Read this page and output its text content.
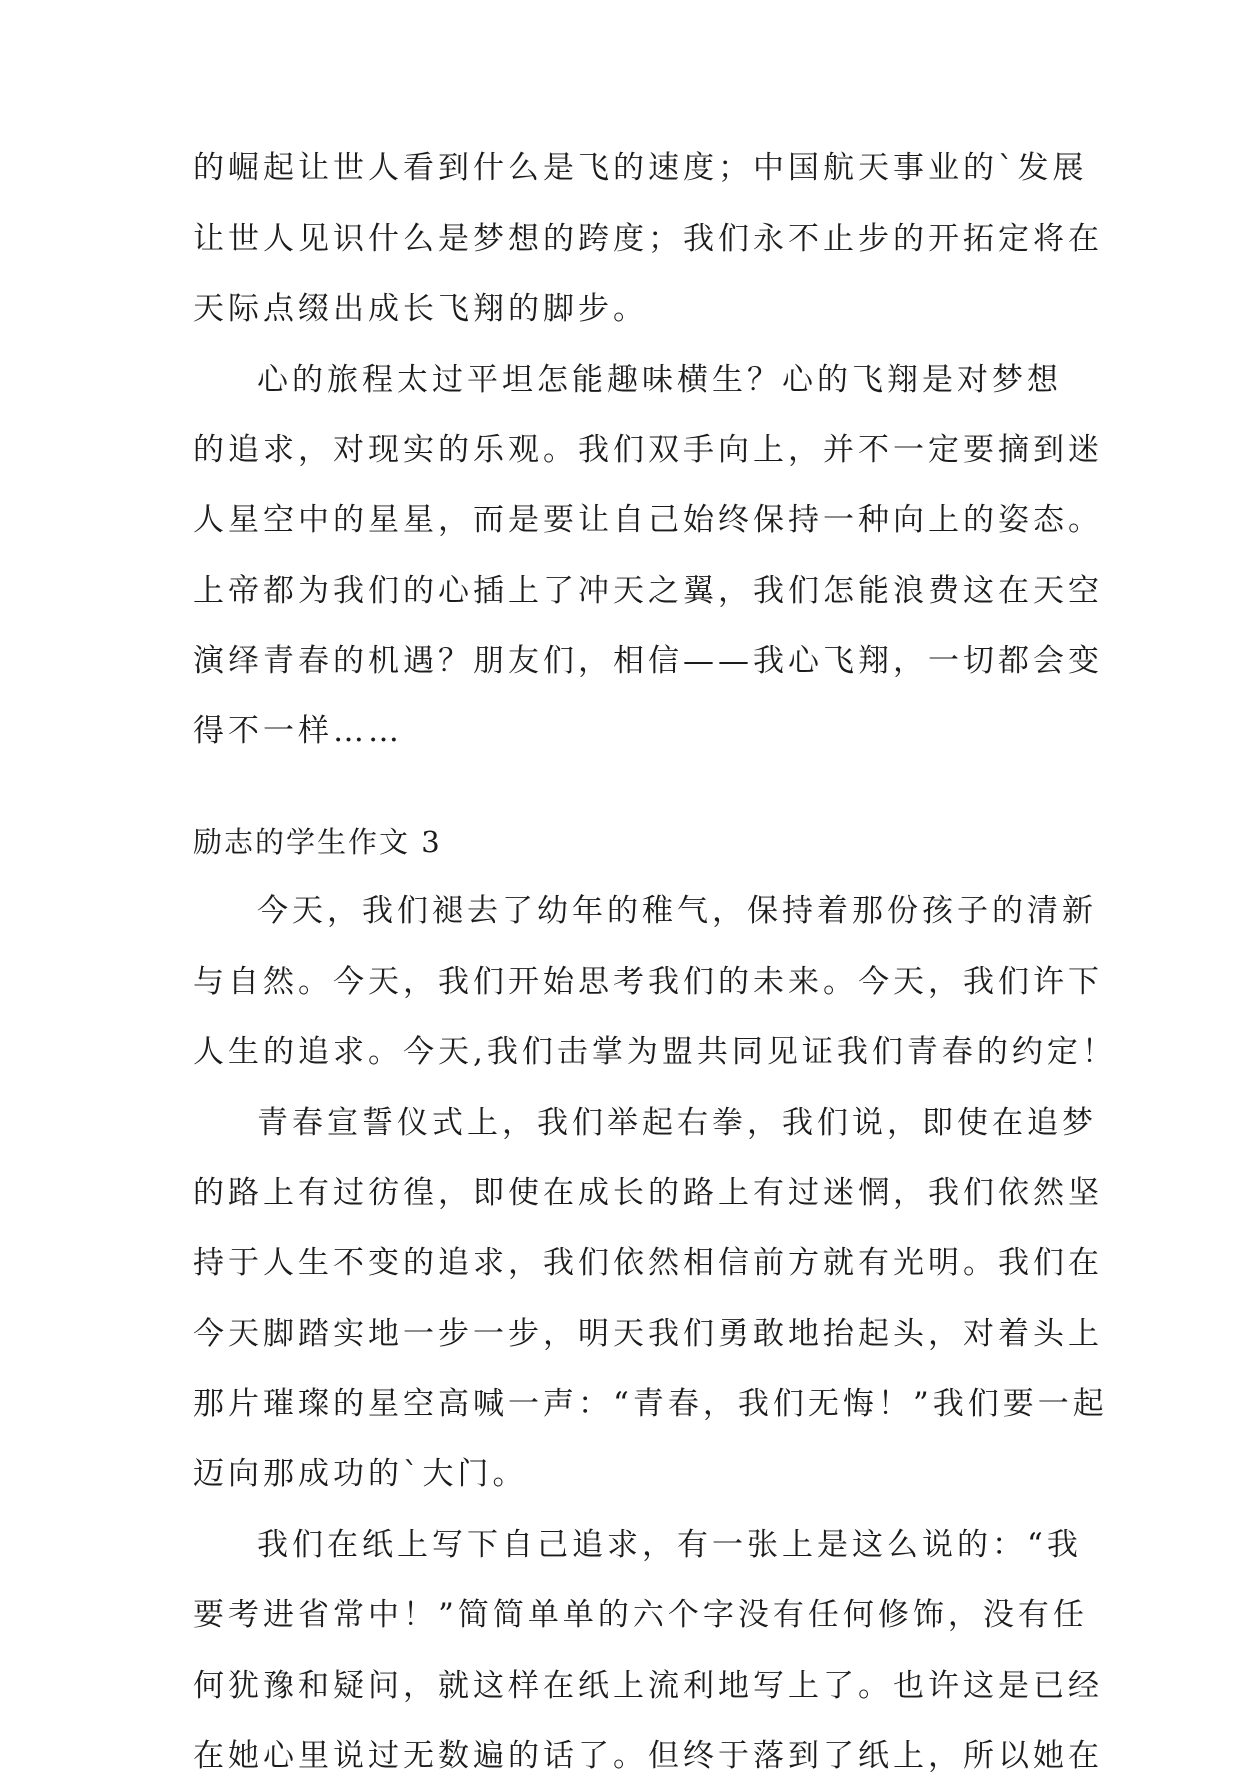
的崛起让世人看到什么是飞的速度；中国航天事业的`发展
让世人见识什么是梦想的跨度；我们永不止步的开拓定将在
天际点缀出成长飞翔的脚步。
心的旅程太过平坦怎能趣味横生？心的飞翔是对梦想
的追求，对现实的乐观。我们双手向上，并不一定要摘到迷
人星空中的星星，而是要让自己始终保持一种向上的姿态。
上帝都为我们的心插上了冲天之翼，我们怎能浪费这在天空
演绎青春的机遇？朋友们，相信——我心飞翔，一切都会变
得不一样……
励志的学生作文 3
今天，我们褪去了幼年的稚气，保持着那份孩子的清新
与自然。今天，我们开始思考我们的未来。今天，我们许下
人生的追求。今天,我们击掌为盟共同见证我们青春的约定！
青春宣誓仪式上，我们举起右拳，我们说，即使在追梦
的路上有过彷徨，即使在成长的路上有过迷惘，我们依然坚
持于人生不变的追求，我们依然相信前方就有光明。我们在
今天脚踏实地一步一步，明天我们勇敢地抬起头，对着头上
那片璀璨的星空高喊一声：“青春，我们无悔！”我们要一起
迈向那成功的`大门。
我们在纸上写下自己追求，有一张上是这么说的：“我
要考进省常中！”简简单单的六个字没有任何修饰，没有任
何犹豫和疑问，就这样在纸上流利地写上了。也许这是已经
在她心里说过无数遍的话了。但终于落到了纸上，所以她在
